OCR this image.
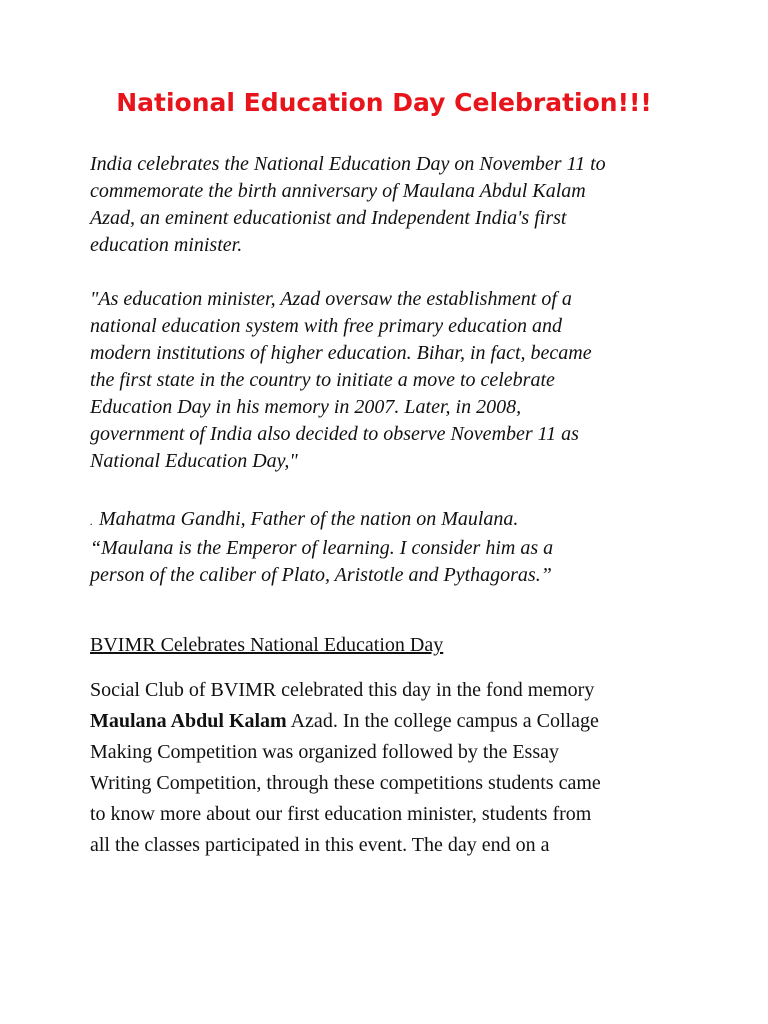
National Education Day Celebration!!!
India celebrates the National Education Day on November 11 to
commemorate the birth anniversary of Maulana Abdul Kalam
Azad, an eminent educationist and Independent India's first
education minister.
"As education minister, Azad oversaw the establishment of a
national education system with free primary education and
modern institutions of higher education. Bihar, in fact, became
the first state in the country to initiate a move to celebrate
Education Day in his memory in 2007. Later, in 2008,
government of India also decided to observe November 11 as
National Education Day,"
. Mahatma Gandhi, Father of the nation on Maulana.
“Maulana is the Emperor of learning. I consider him as a
person of the caliber of Plato, Aristotle and Pythagoras.”
BVIMR Celebrates National Education Day
Social Club of BVIMR celebrated this day in the fond memory
Maulana Abdul Kalam Azad. In the college campus a Collage
Making Competition was organized followed by the Essay
Writing Competition, through these competitions students came
to know more about our first education minister, students from
all the classes participated in this event. The day end on a
